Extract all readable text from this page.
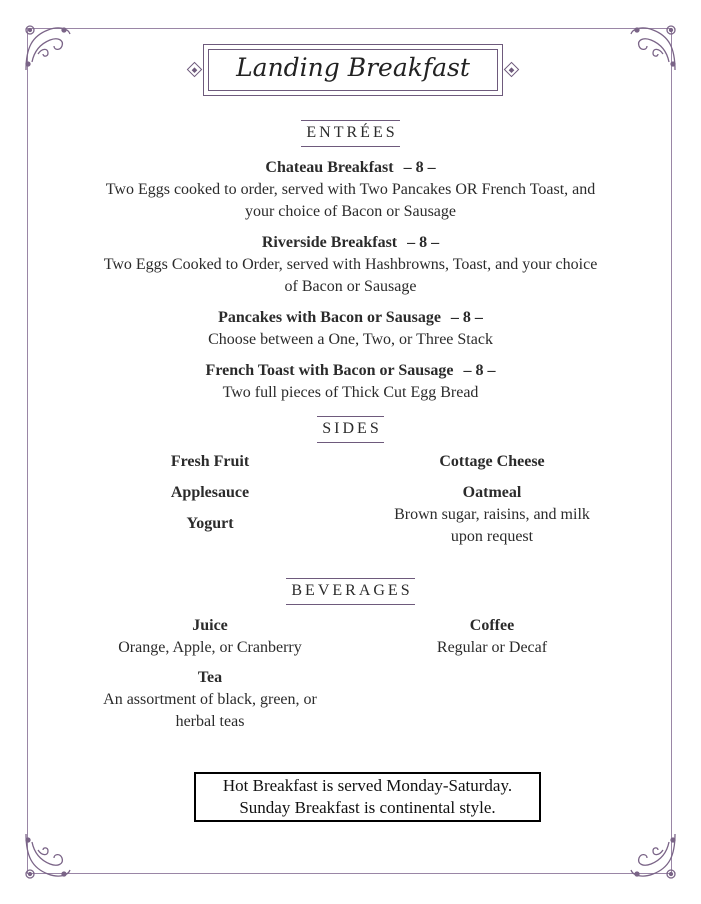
Landing Breakfast
ENTRÉES
Chateau Breakfast – 8 –
Two Eggs cooked to order, served with Two Pancakes OR French Toast, and your choice of Bacon or Sausage
Riverside Breakfast – 8 –
Two Eggs Cooked to Order, served with Hashbrowns, Toast, and your choice of Bacon or Sausage
Pancakes with Bacon or Sausage – 8 –
Choose between a One, Two, or Three Stack
French Toast with Bacon or Sausage – 8 –
Two full pieces of Thick Cut Egg Bread
SIDES
Fresh Fruit
Applesauce
Yogurt
Cottage Cheese
Oatmeal
Brown sugar, raisins, and milk upon request
BEVERAGES
Juice
Orange, Apple, or Cranberry
Coffee
Regular or Decaf
Tea
An assortment of black, green, or herbal teas
Hot Breakfast is served Monday-Saturday.
Sunday Breakfast is continental style.
